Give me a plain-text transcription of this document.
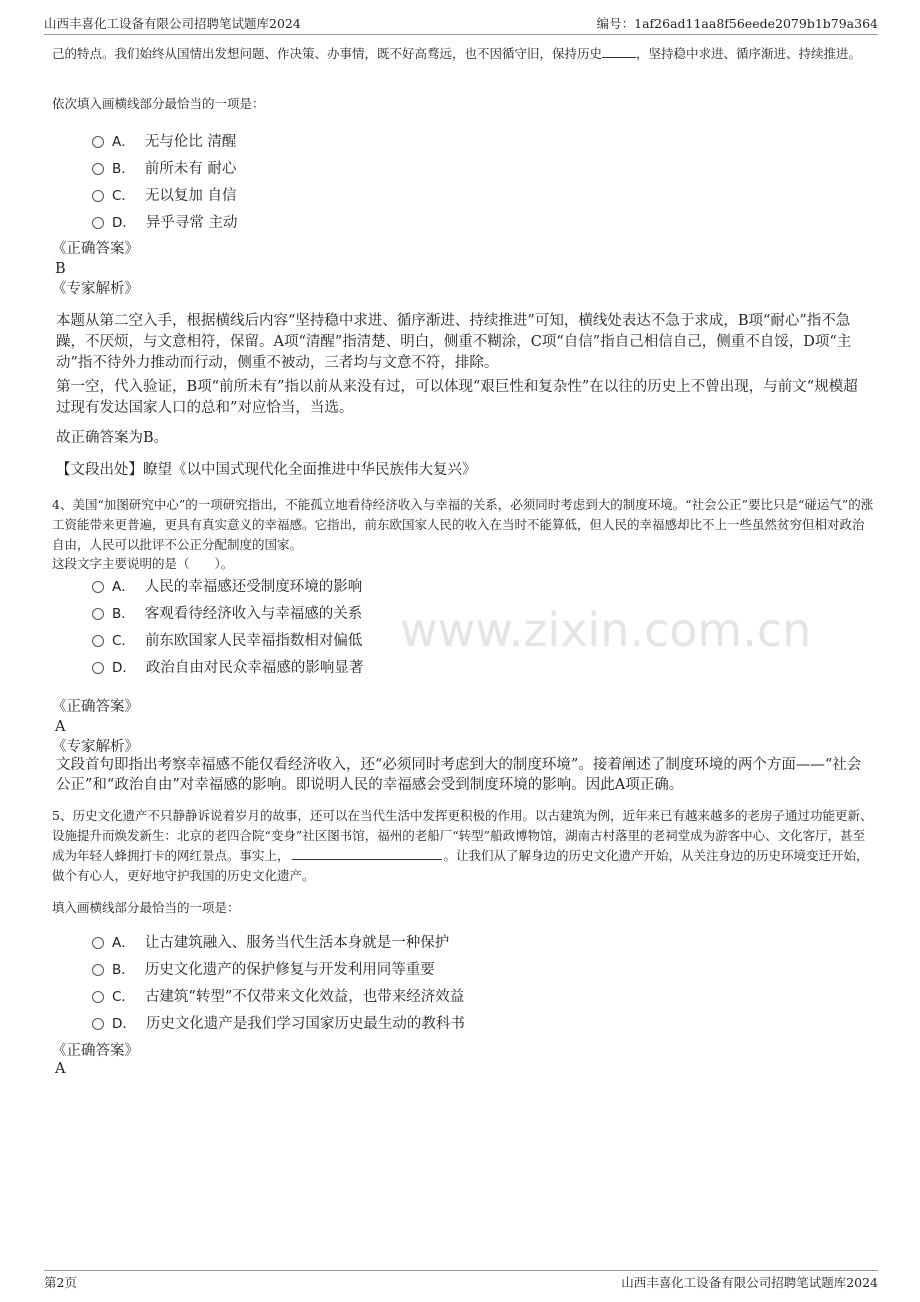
山西丰喜化工设备有限公司招聘笔试题库2024	编号：1af26ad11aa8f56eede2079b1b79a364
www.zixin.com.cn

己的特点。我们始终从国情出发想问题、作决策、办事情，既不好高骛远，也不因循守旧，保持历史	，坚持稳中求进、循序渐进、持续推进。

依次填入画横线部分最恰当的一项是：
A． 无与伦比 清醒
B． 前所未有 耐心
C． 无以复加 自信
D． 异乎寻常 主动
《正确答案》
B
《专家解析》
本题从第二空入手，根据横线后内容“坚持稳中求进、循序渐进、持续推进”可知，横线处表达不急于求成，B项“耐心”指不急躁，不厌烦，与文意相符，保留。A项“清醒”指清楚、明白，侧重不糊涂，C项“自信”指自己相信自己，侧重不自馁，D项“主动”指不待外力推动而行动，侧重不被动，三者均与文意不符，排除。
第一空，代入验证，B项“前所未有”指以前从来没有过，可以体现“艰巨性和复杂性”在以往的历史上不曾出现，与前文“规模超过现有发达国家人口的总和”对应恰当，当选。
故正确答案为B。
【文段出处】瞭望《以中国式现代化全面推进中华民族伟大复兴》
4、美国“加图研究中心”的一项研究指出，不能孤立地看待经济收入与幸福的关系，必须同时考虑到大的制度环境。“社会公正”要比只是“碰运气”的涨工资能带来更普遍，更具有真实意义的幸福感。它指出，前东欧国家人民的收入在当时不能算低，但人民的幸福感却比不上一些虽然贫穷但相对政治自由，人民可以批评不公正分配制度的国家。
这段文字主要说明的是（　　）。
A． 人民的幸福感还受制度环境的影响
B． 客观看待经济收入与幸福感的关系
C． 前东欧国家人民幸福指数相对偏低
D． 政治自由对民众幸福感的影响显著
《正确答案》
A
《专家解析》
文段首句即指出考察幸福感不能仅看经济收入，还“必须同时考虑到大的制度环境”。接着阐述了制度环境的两个方面——“社会公正”和“政治自由”对幸福感的影响。即说明人民的幸福感会受到制度环境的影响。因此A项正确。

5、历史文化遗产不只静静诉说着岁月的故事，还可以在当代生活中发挥更积极的作用。以古建筑为例，近年来已有越来越多的老房子通过功能更新、设施提升而焕发新生：北京的老四合院“变身”社区图书馆，福州的老船厂“转型”船政博物馆，湖南古村落里的老祠堂成为游客中心、文化客厅，甚至成为年轻人蜂拥打卡的网红景点。事实上，	。让我们从了解身边的历史文化遗产开始，从关注身边的历史环境变迁开始，做个有心人，更好地守护我国的历史文化遗产。

填入画横线部分最恰当的一项是：
A． 让古建筑融入、服务当代生活本身就是一种保护
B． 历史文化遗产的保护修复与开发利用同等重要
C． 古建筑“转型”不仅带来文化效益，也带来经济效益
D． 历史文化遗产是我们学习国家历史最生动的教科书
《正确答案》
A
第2页	山西丰喜化工设备有限公司招聘笔试题库2024
